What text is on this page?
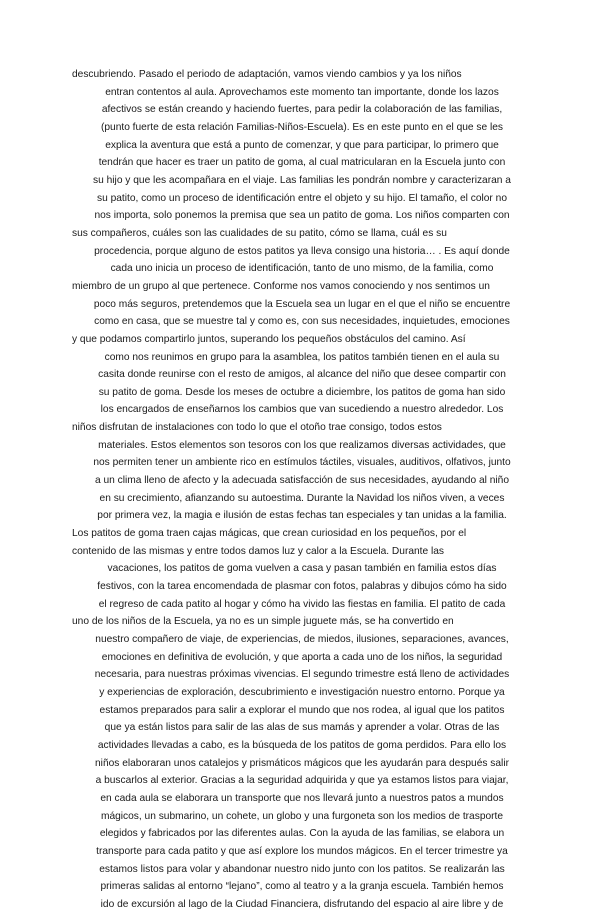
descubriendo. Pasado el periodo de adaptación, vamos viendo cambios y ya los niños
entran contentos al aula. Aprovechamos este momento tan importante, donde los lazos
afectivos se están creando y haciendo fuertes, para pedir la colaboración de las familias,
(punto fuerte de esta relación Familias-Niños-Escuela). Es en este punto en el que se les
explica la aventura que está a punto de comenzar, y que para participar, lo primero que
tendrán que hacer es traer un patito de goma, al cual matricularan en la Escuela junto con
su hijo y que les acompañara en el viaje. Las familias les pondrán nombre y caracterizaran a
su patito, como un proceso de identificación entre el objeto y su hijo. El tamaño, el color no
nos importa, solo ponemos la premisa que sea un patito de goma. Los niños comparten con
sus compañeros, cuáles son las cualidades de su patito, cómo se llama, cuál es su
procedencia, porque alguno de estos patitos ya lleva consigo una historia… . Es aquí donde
cada uno inicia un proceso de identificación, tanto de uno mismo, de la familia, como
miembro de un grupo al que pertenece. Conforme nos vamos conociendo y nos sentimos un
poco más seguros, pretendemos que la Escuela sea un lugar en el que el niño se encuentre
como en casa, que se muestre tal y como es, con sus necesidades, inquietudes, emociones
y que podamos compartirlo juntos, superando los pequeños obstáculos del camino. Así
como nos reunimos en grupo para la asamblea, los patitos también tienen en el aula su
casita donde reunirse con el resto de amigos, al alcance del niño que desee compartir con
su patito de goma. Desde los meses de octubre a diciembre, los patitos de goma han sido
los encargados de enseñarnos los cambios que van sucediendo a nuestro alrededor. Los
niños disfrutan de instalaciones con todo lo que el otoño trae consigo, todos estos
materiales. Estos elementos son tesoros con los que realizamos diversas actividades, que
nos permiten tener un ambiente rico en estímulos táctiles, visuales, auditivos, olfativos, junto
a un clima lleno de afecto y la adecuada satisfacción de sus necesidades, ayudando al niño
en su crecimiento, afianzando su autoestima. Durante la Navidad los niños viven, a veces
por primera vez, la magia e ilusión de estas fechas tan especiales y tan unidas a la familia.
Los patitos de goma traen cajas mágicas, que crean curiosidad en los pequeños, por el
contenido de las mismas y entre todos damos luz y calor a la Escuela. Durante las
vacaciones, los patitos de goma vuelven a casa y pasan también en familia estos días
festivos, con la tarea encomendada de plasmar con fotos, palabras y dibujos cómo ha sido
el regreso de cada patito al hogar y cómo ha vivido las fiestas en familia. El patito de cada
uno de los niños de la Escuela, ya no es un simple juguete más, se ha convertido en
nuestro compañero de viaje, de experiencias, de miedos, ilusiones, separaciones, avances,
emociones en definitiva de evolución, y que aporta a cada uno de los niños, la seguridad
necesaria, para nuestras próximas vivencias. El segundo trimestre está lleno de actividades
y experiencias de exploración, descubrimiento e investigación nuestro entorno. Porque ya
estamos preparados para salir a explorar el mundo que nos rodea, al igual que los patitos
que ya están listos para salir de las alas de sus mamás y aprender a volar. Otras de las
actividades llevadas a cabo, es la búsqueda de los patitos de goma perdidos. Para ello los
niños elaboraran unos catalejos y prismáticos mágicos que les ayudarán para después salir
a buscarlos al exterior. Gracias a la seguridad adquirida y que ya estamos listos para viajar,
en cada aula se elaborara un transporte que nos llevará junto a nuestros patos a mundos
mágicos, un submarino, un cohete, un globo y una furgoneta son los medios de trasporte
elegidos y fabricados por las diferentes aulas. Con la ayuda de las familias, se elabora un
transporte para cada patito y que así explore los mundos mágicos. En el tercer trimestre ya
estamos listos para volar y abandonar nuestro nido junto con los patitos. Se realizarán las
primeras salidas al entorno “lejano”, como al teatro y a la granja escuela. También hemos
ido de excursión al lago de la Ciudad Financiera, disfrutando del espacio al aire libre y de
